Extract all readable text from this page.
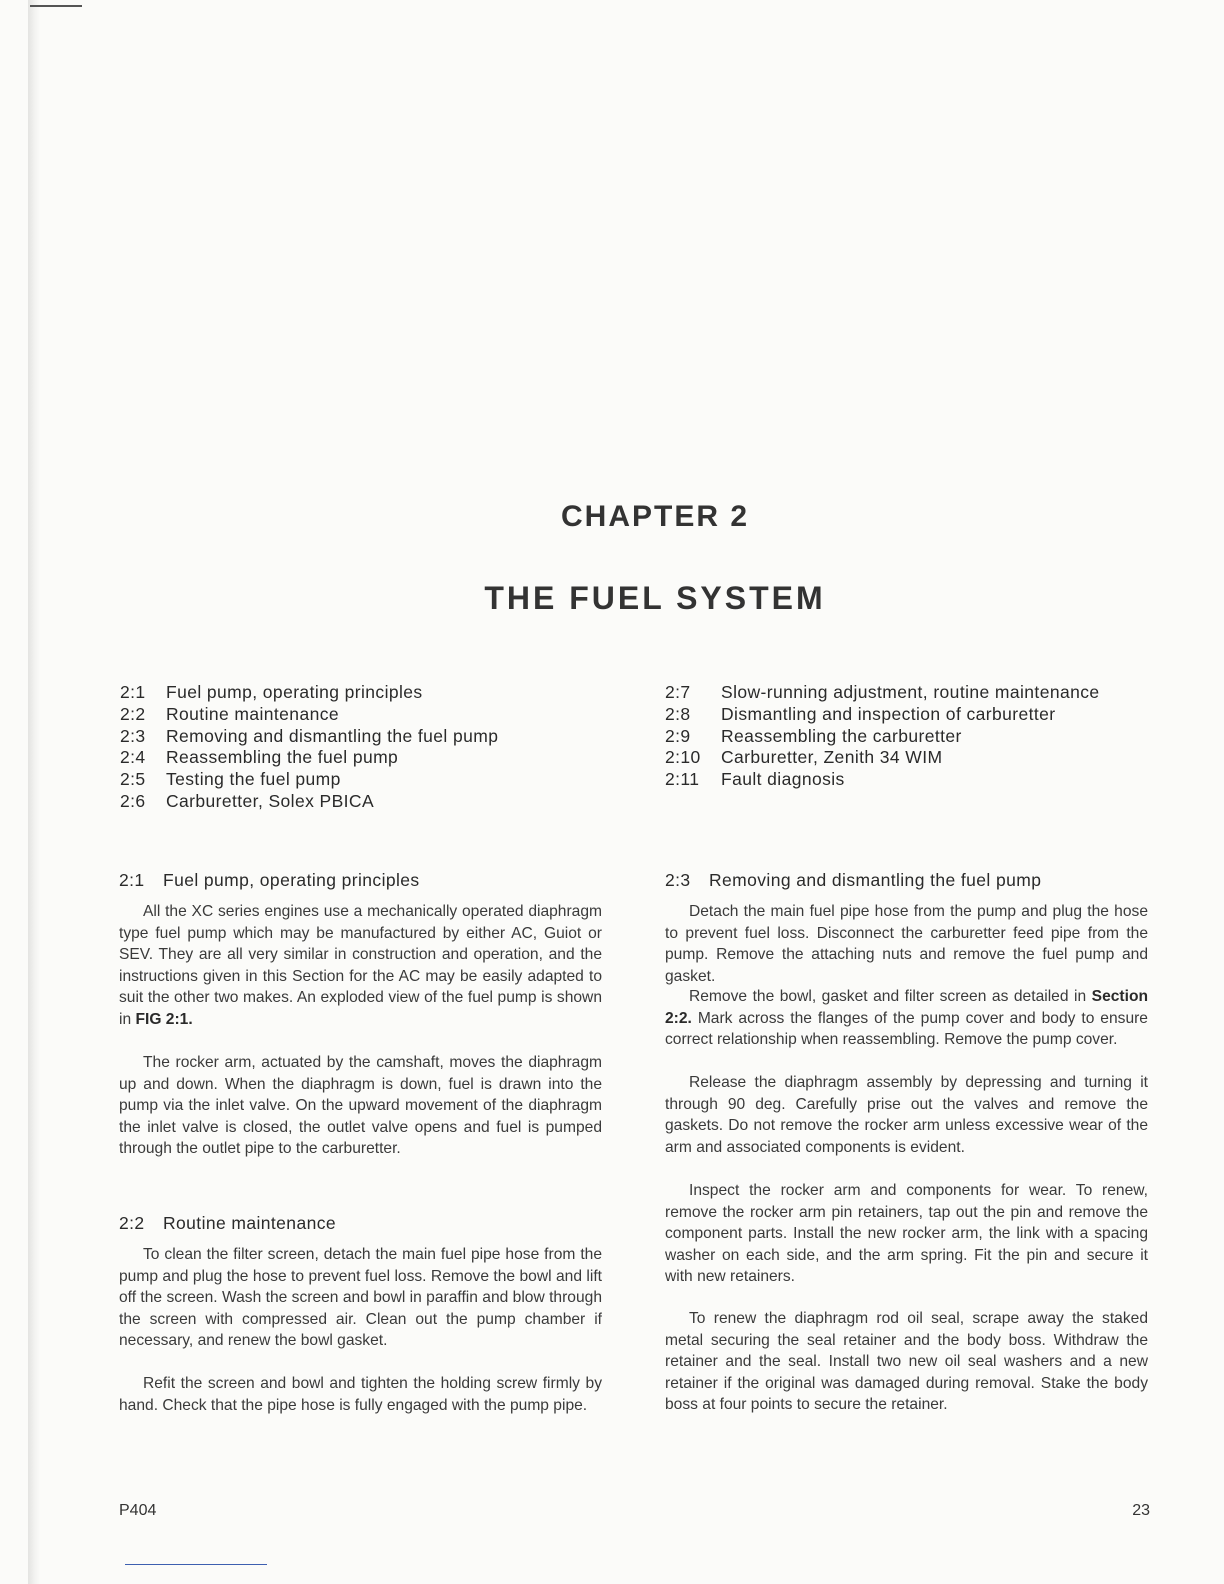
CHAPTER 2
THE FUEL SYSTEM
2:1	Fuel pump, operating principles
2:2	Routine maintenance
2:3	Removing and dismantling the fuel pump
2:4	Reassembling the fuel pump
2:5	Testing the fuel pump
2:6	Carburetter, Solex PBICA
2:7	Slow-running adjustment, routine maintenance
2:8	Dismantling and inspection of carburetter
2:9	Reassembling the carburetter
2:10	Carburetter, Zenith 34 WIM
2:11	Fault diagnosis
2:1 Fuel pump, operating principles

All the XC series engines use a mechanically operated diaphragm type fuel pump which may be manufactured by either AC, Guiot or SEV. They are all very similar in construction and operation, and the instructions given in this Section for the AC may be easily adapted to suit the other two makes. An exploded view of the fuel pump is shown in FIG 2:1.

The rocker arm, actuated by the camshaft, moves the diaphragm up and down. When the diaphragm is down, fuel is drawn into the pump via the inlet valve. On the upward movement of the diaphragm the inlet valve is closed, the outlet valve opens and fuel is pumped through the outlet pipe to the carburetter.

2:2 Routine maintenance

To clean the filter screen, detach the main fuel pipe hose from the pump and plug the hose to prevent fuel loss. Remove the bowl and lift off the screen. Wash the screen and bowl in paraffin and blow through the screen with compressed air. Clean out the pump chamber if necessary, and renew the bowl gasket.

Refit the screen and bowl and tighten the holding screw firmly by hand. Check that the pipe hose is fully engaged with the pump pipe.

2:3 Removing and dismantling the fuel pump

Detach the main fuel pipe hose from the pump and plug the hose to prevent fuel loss. Disconnect the carburetter feed pipe from the pump. Remove the attaching nuts and remove the fuel pump and gasket.

Remove the bowl, gasket and filter screen as detailed in Section 2:2. Mark across the flanges of the pump cover and body to ensure correct relationship when reassembling. Remove the pump cover.

Release the diaphragm assembly by depressing and turning it through 90 deg. Carefully prise out the valves and remove the gaskets. Do not remove the rocker arm unless excessive wear of the arm and associated components is evident.

Inspect the rocker arm and components for wear. To renew, remove the rocker arm pin retainers, tap out the pin and remove the component parts. Install the new rocker arm, the link with a spacing washer on each side, and the arm spring. Fit the pin and secure it with new retainers.

To renew the diaphragm rod oil seal, scrape away the staked metal securing the seal retainer and the body boss. Withdraw the retainer and the seal. Install two new oil seal washers and a new retainer if the original was damaged during removal. Stake the body boss at four points to secure the retainer.

P404	23
